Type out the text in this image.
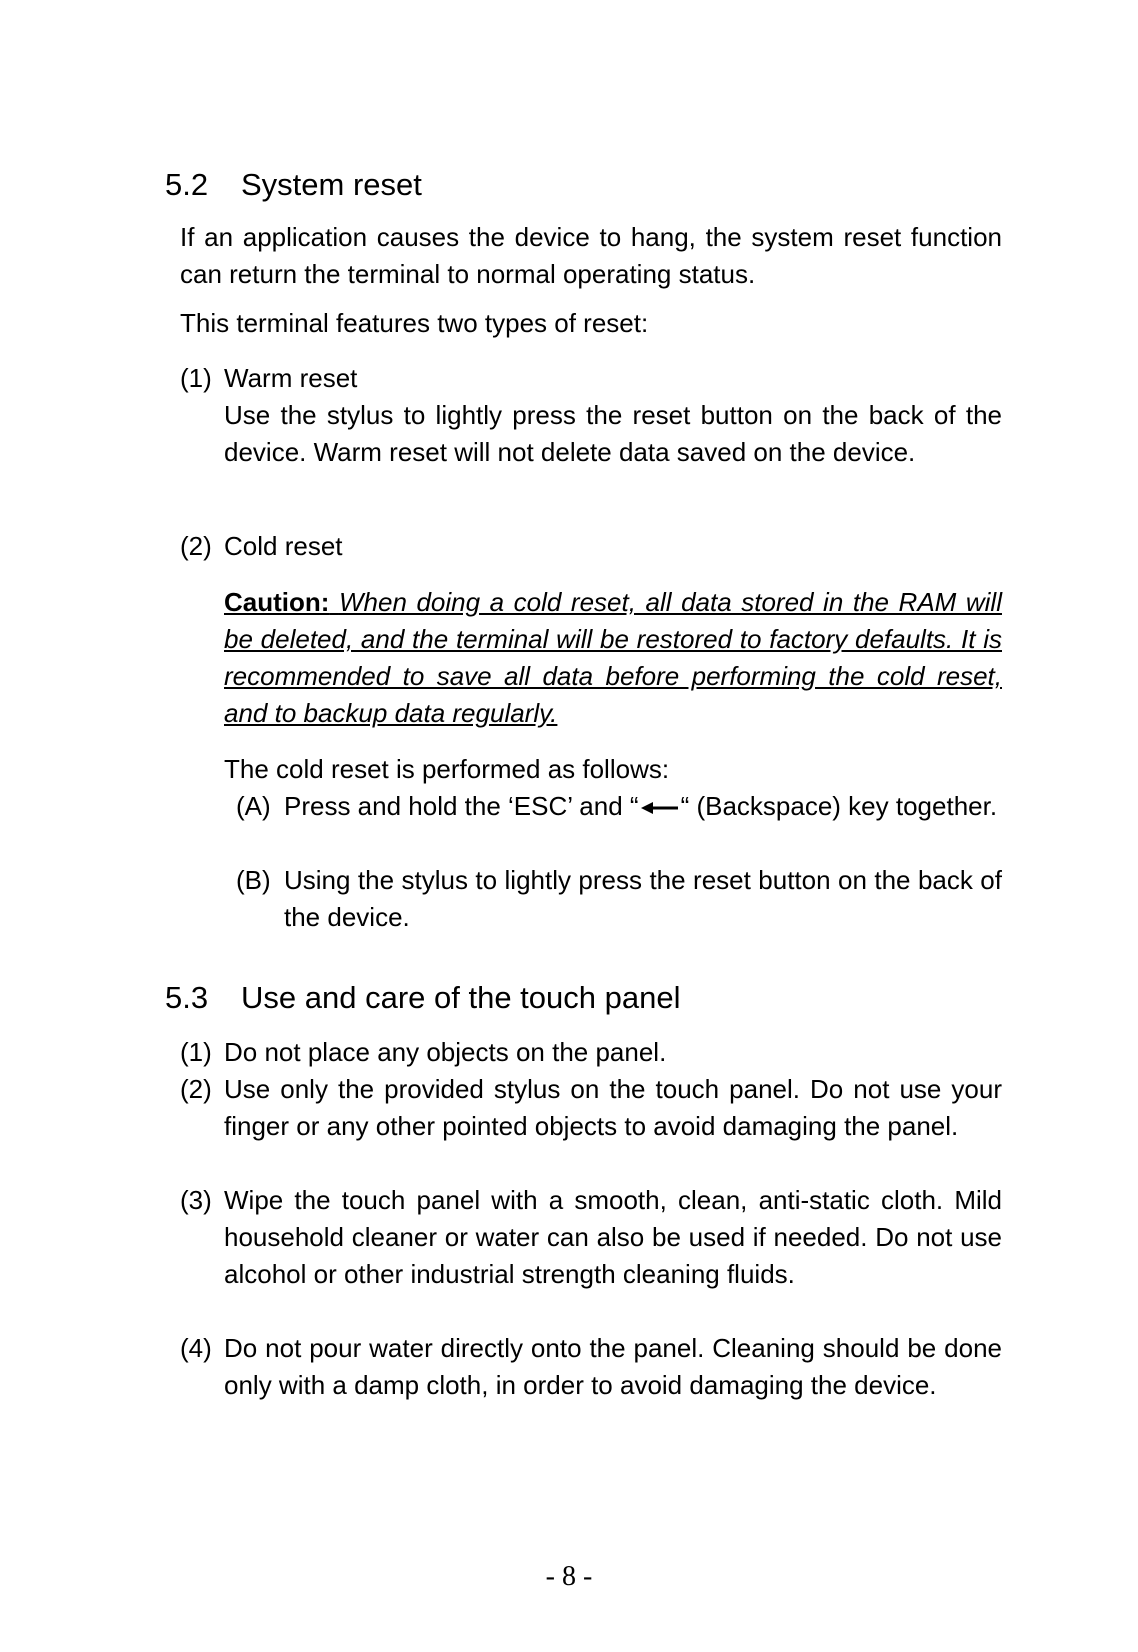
5.2 System reset
If an application causes the device to hang, the system reset function can return the terminal to normal operating status.
This terminal features two types of reset:
(1) Warm reset
Use the stylus to lightly press the reset button on the back of the device. Warm reset will not delete data saved on the device.
(2) Cold reset
Caution: When doing a cold reset, all data stored in the RAM will be deleted, and the terminal will be restored to factory defaults. It is recommended to save all data before performing the cold reset, and to backup data regularly.
The cold reset is performed as follows:
(A) Press and hold the ‘ESC’ and “ “ (Backspace) key together.
(B) Using the stylus to lightly press the reset button on the back of the device.
5.3 Use and care of the touch panel
(1) Do not place any objects on the panel.
(2) Use only the provided stylus on the touch panel. Do not use your finger or any other pointed objects to avoid damaging the panel.
(3) Wipe the touch panel with a smooth, clean, anti-static cloth. Mild household cleaner or water can also be used if needed. Do not use alcohol or other industrial strength cleaning fluids.
(4) Do not pour water directly onto the panel. Cleaning should be done only with a damp cloth, in order to avoid damaging the device.
- 8 -
